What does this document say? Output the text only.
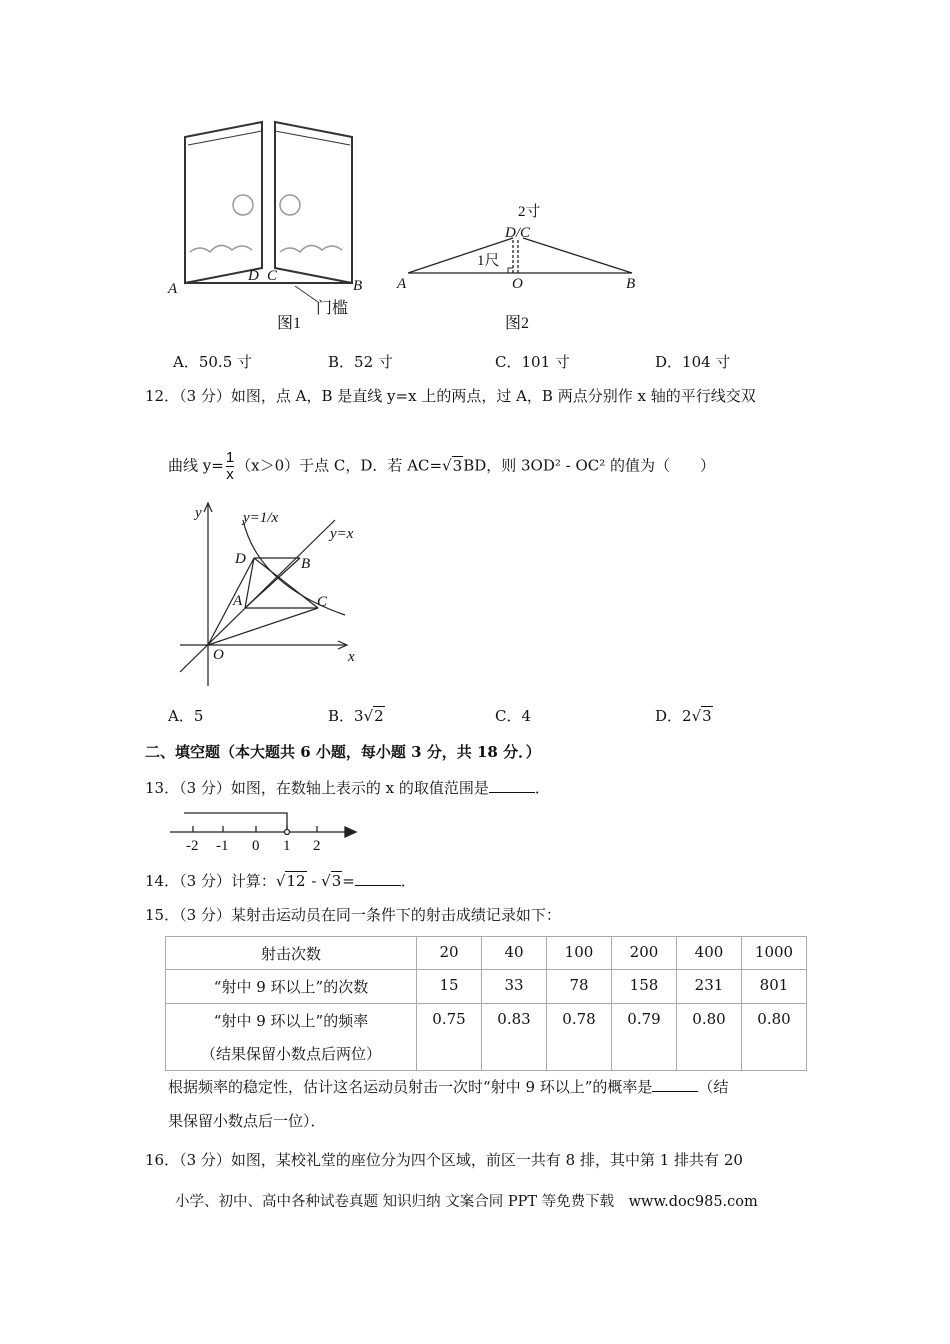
A
D C
B
门槛
图1
A	O	B
D/C
2寸
1尺
图2
A．50.5 寸	B．52 寸	C．101 寸	D．104 寸
12．（3 分）如图，点 A，B 是直线 y=x 上的两点，过 A，B 两点分别作 x 轴的平行线交双
曲线 $y= \frac{1}{x} (x>0)$于点 C，D．若 AC=√3BD，则 3OD² - OC² 的值为（　　）
y
x
O
y=1/x
y=x
A
B
C
D
A．5	B．3√2	C．4	D．2√3
二、填空题（本大题共 6 小题，每小题 3 分，共 18 分．）
13．（3 分）如图，在数轴上表示的 x 的取值范围是	．
-2 -1 0 1 2
14．（3 分）计算：√12 - √3=	．
15．（3 分）某射击运动员在同一条件下的射击成绩记录如下：
射击次数	20	40	100	200	400	1000
“射中 9 环以上”的次数	15	33	78	158	231	801

“射中 9 环以上”的频率
（结果保留小数点后两位）	0.75	0.83	0.78	0.79	0.80	0.80
根据频率的稳定性，估计这名运动员射击一次时“射中 9 环以上”的概率是	（结
果保留小数点后一位）．
16．（3 分）如图，某校礼堂的座位分为四个区域，前区一共有 8 排，其中第 1 排共有 20
小学、初中、高中各种试卷真题 知识归纳 文案合同 PPT 等免费下载　www.doc985.com
